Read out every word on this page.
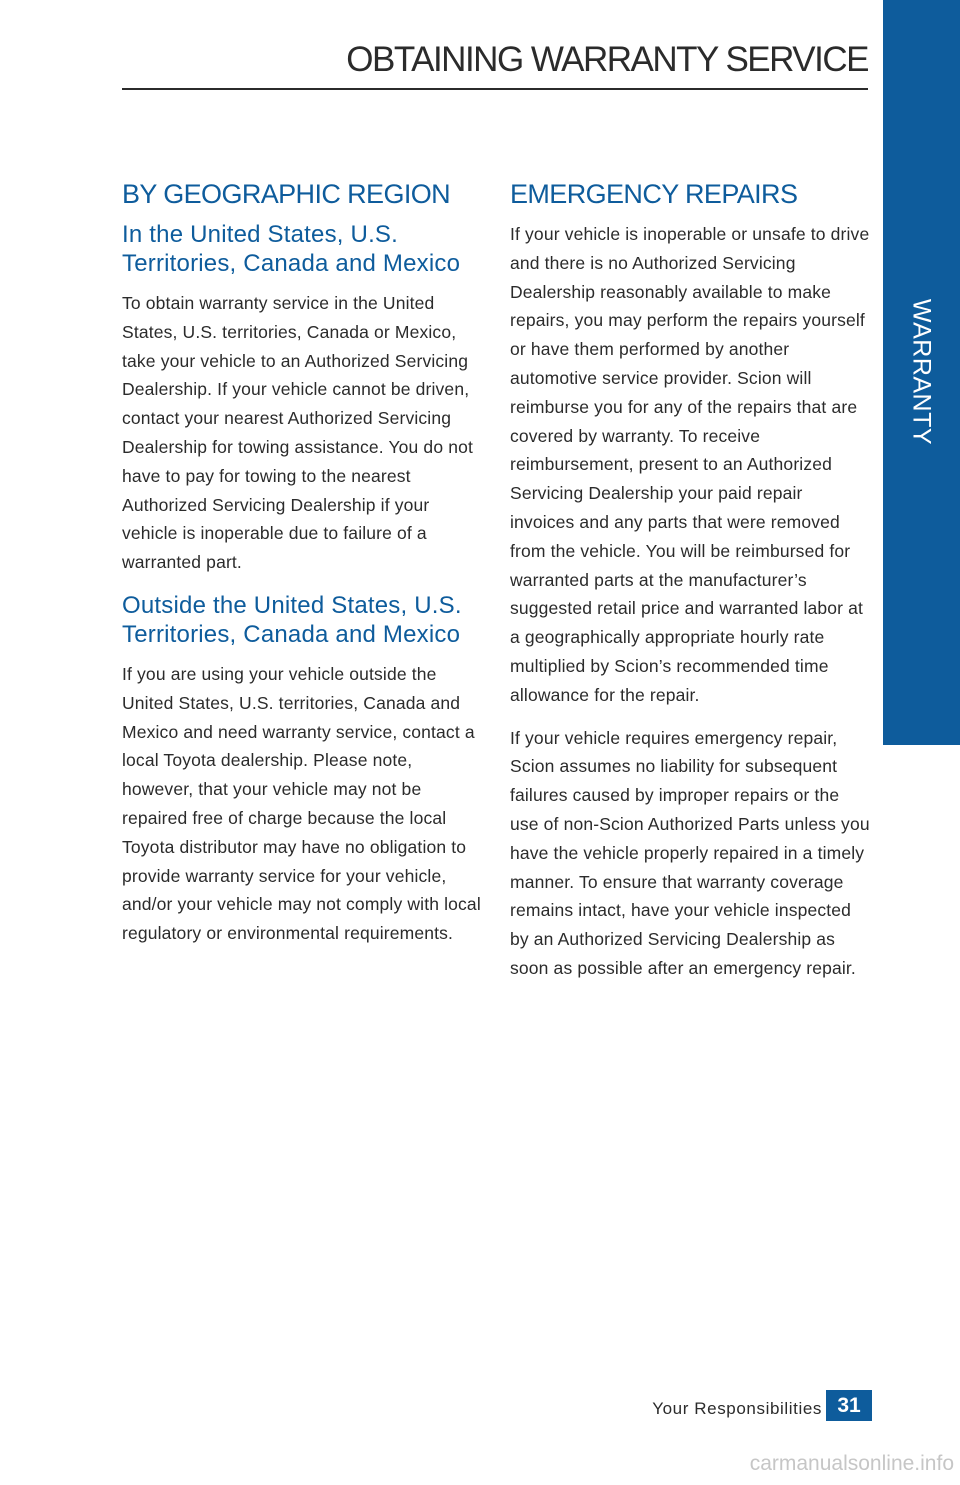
OBTAINING WARRANTY SERVICE
WARRANTY
BY GEOGRAPHIC REGION
In the United States, U.S. Territories, Canada and Mexico

To obtain warranty service in the United States, U.S. territories, Canada or Mexico, take your vehicle to an Authorized Servicing Dealership. If your vehicle cannot be driven, contact your nearest Authorized Servicing Dealership for towing assistance. You do not have to pay for towing to the nearest Authorized Servicing Dealership if your vehicle is inoperable due to failure of a warranted part.

Outside the United States, U.S. Territories, Canada and Mexico

If you are using your vehicle outside the United States, U.S. territories, Canada and Mexico and need warranty service, contact a local Toyota dealership. Please note, however, that your vehicle may not be repaired free of charge because the local Toyota distributor may have no obligation to provide warranty service for your vehicle, and/or your vehicle may not comply with local regulatory or environmental requirements.

EMERGENCY REPAIRS

If your vehicle is inoperable or unsafe to drive and there is no Authorized Servicing Dealership reasonably available to make repairs, you may perform the repairs yourself or have them performed by another automotive service provider. Scion will reimburse you for any of the repairs that are covered by warranty. To receive reimbursement, present to an Authorized Servicing Dealership your paid repair invoices and any parts that were removed from the vehicle. You will be reimbursed for warranted parts at the manufacturer’s suggested retail price and warranted labor at a geographically appropriate hourly rate multiplied by Scion’s recommended time allowance for the repair.

If your vehicle requires emergency repair, Scion assumes no liability for subsequent failures caused by improper repairs or the use of non-Scion Authorized Parts unless you have the vehicle properly repaired in a timely manner. To ensure that warranty coverage remains intact, have your vehicle inspected by an Authorized Servicing Dealership as soon as possible after an emergency repair.

Your Responsibilities 31
carmanualsonline.info
